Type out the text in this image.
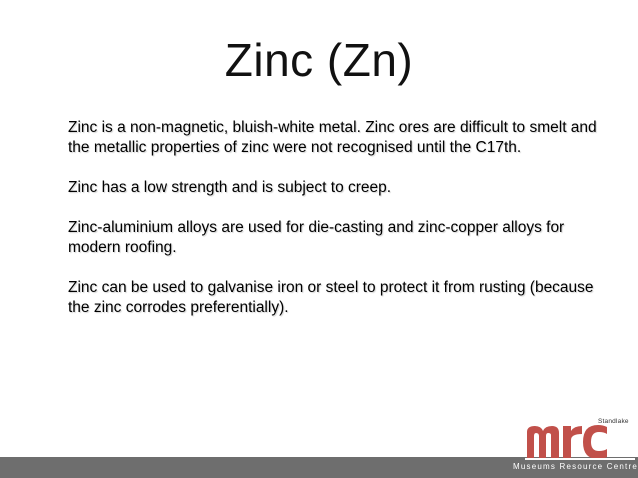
Zinc (Zn)

Zinc is a non-magnetic, bluish-white metal. Zinc ores are difficult to smelt and the metallic properties of zinc were not recognised until the C17th.

Zinc has a low strength and is subject to creep.

Zinc-aluminium alloys are used for die-casting and zinc-copper alloys for modern roofing.

Zinc can be used to galvanise iron or steel to protect it from rusting (because the zinc corrodes preferentially).

Standlake
Museums Resource Centre
